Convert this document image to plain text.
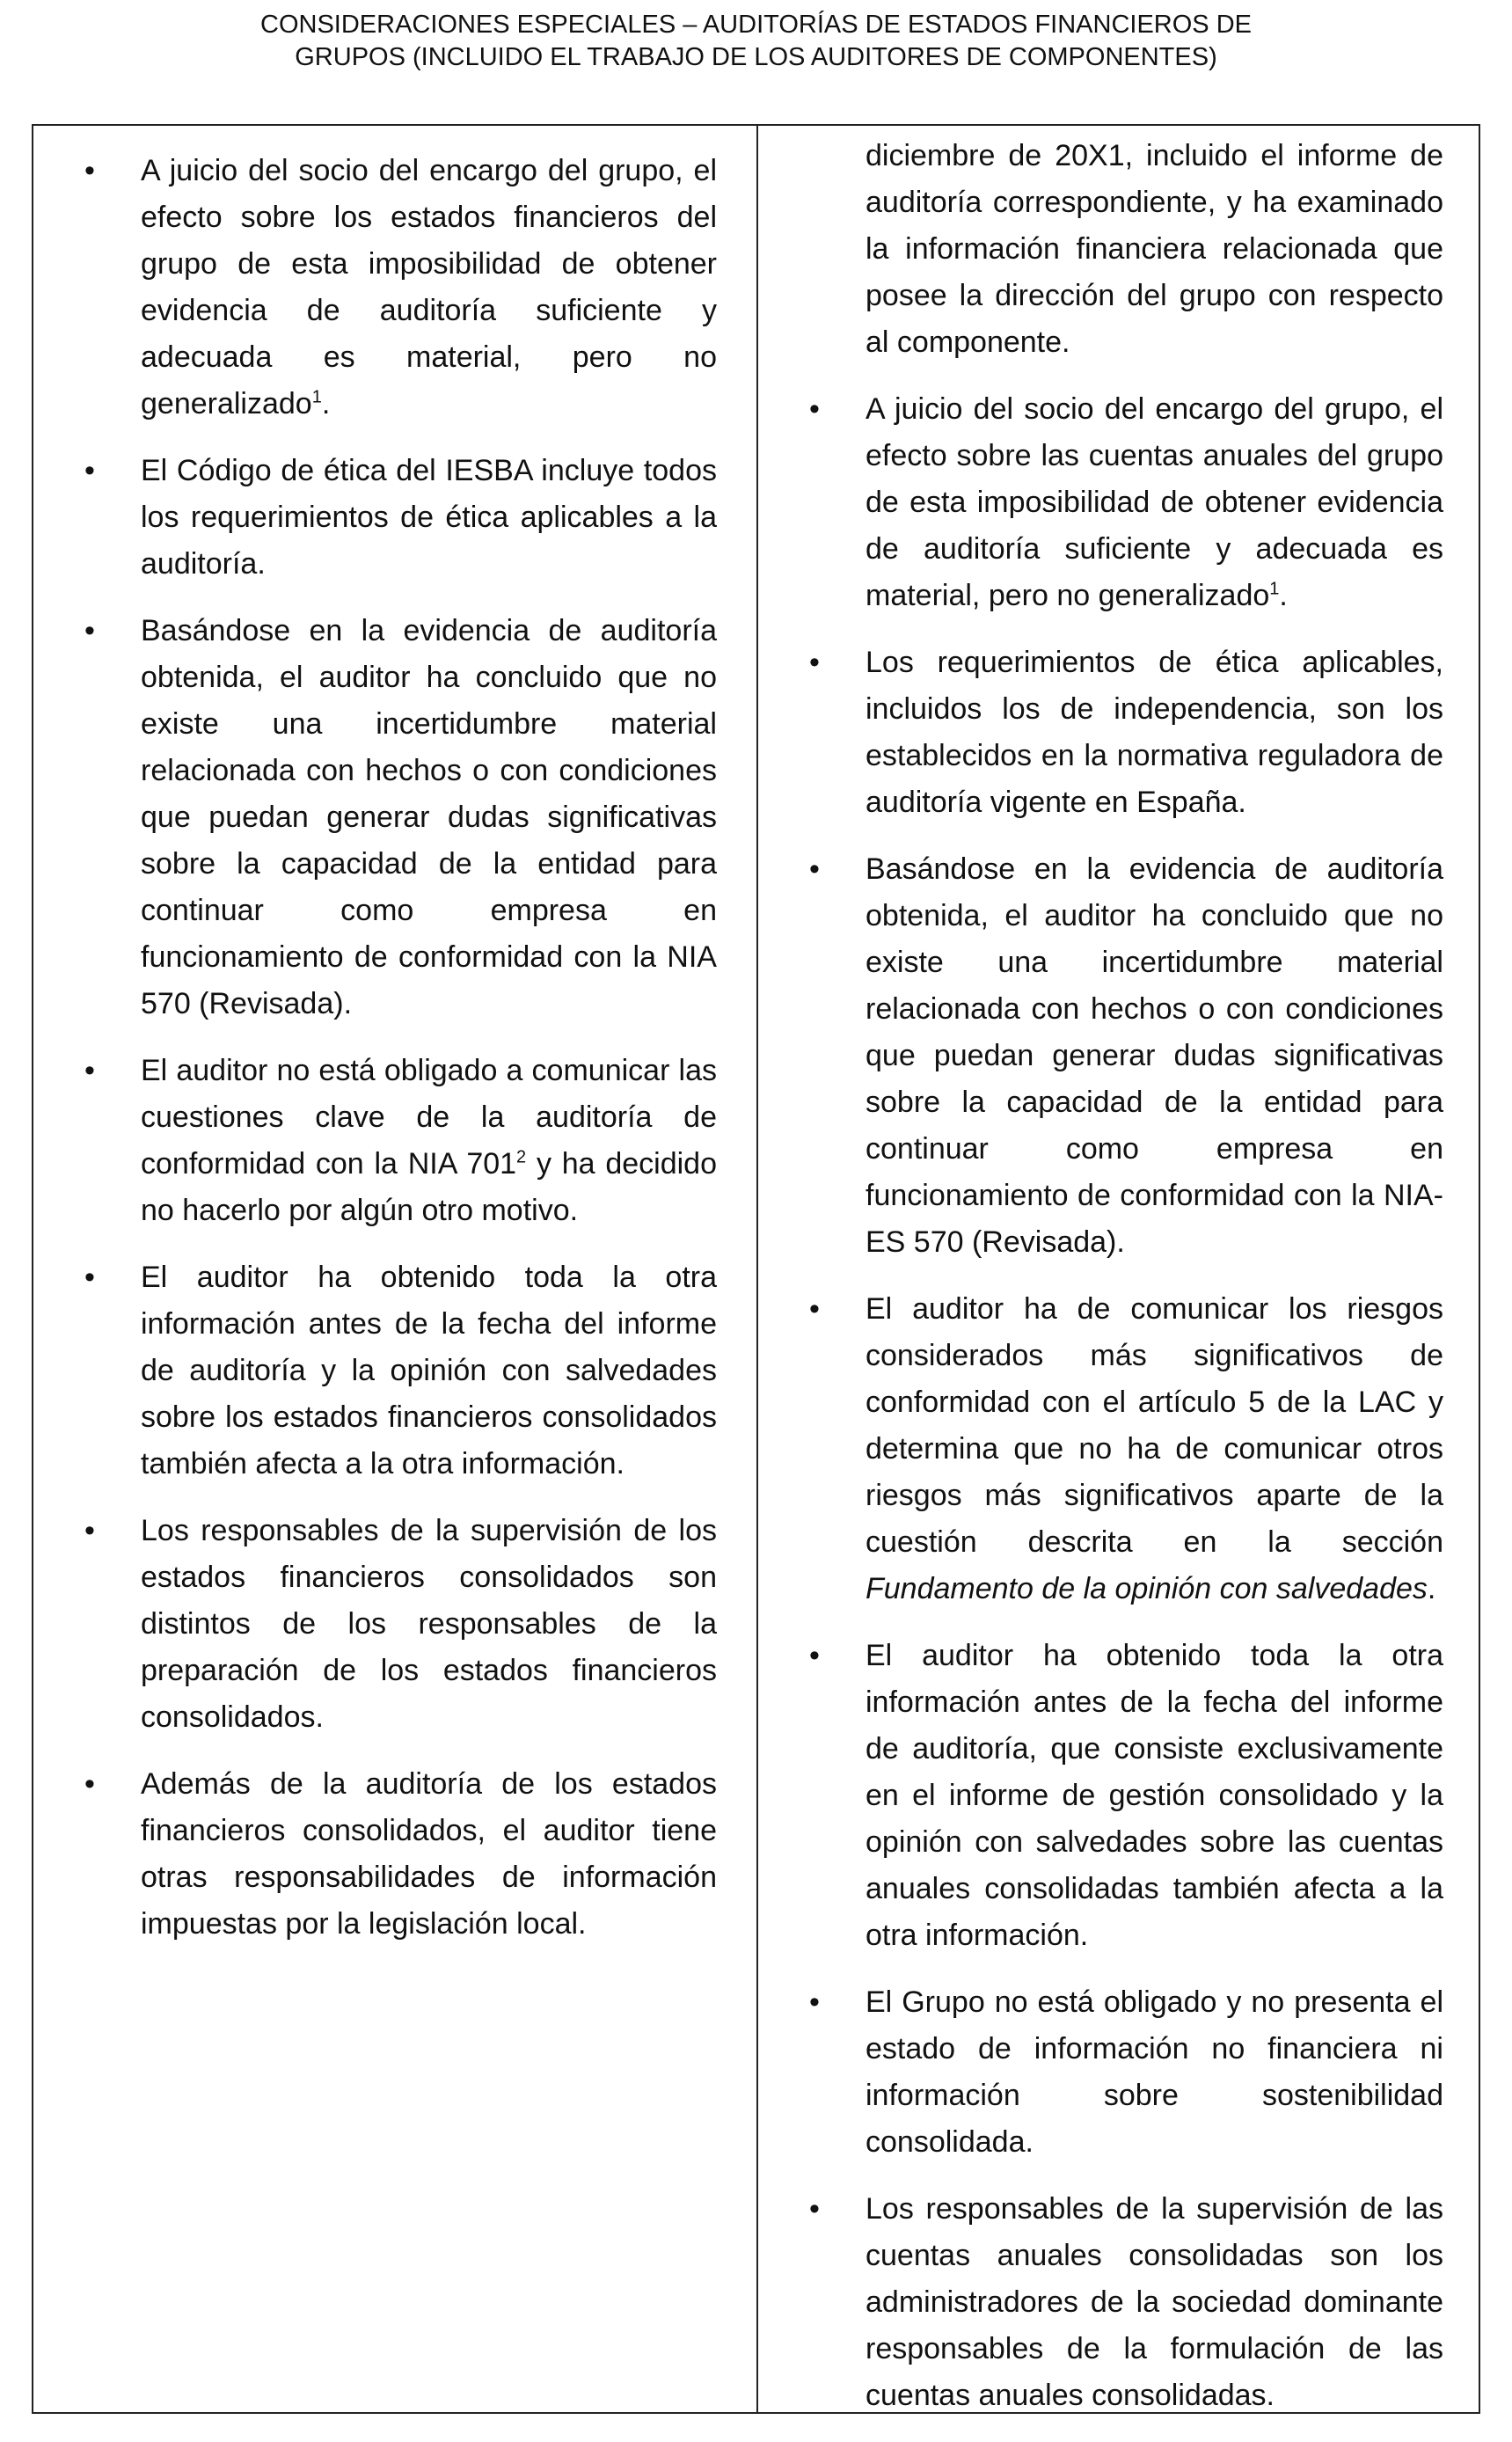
CONSIDERACIONES ESPECIALES – AUDITORÍAS DE ESTADOS FINANCIEROS DE
GRUPOS (INCLUIDO EL TRABAJO DE LOS AUDITORES DE COMPONENTES)
• A juicio del socio del encargo del grupo, el efecto sobre los estados financieros del grupo de esta imposibilidad de obtener evidencia de auditoría suficiente y adecuada es material, pero no generalizado$^1$.
• El Código de ética del IESBA incluye todos los requerimientos de ética aplicables a la auditoría.
• Basándose en la evidencia de auditoría obtenida, el auditor ha concluido que no existe una incertidumbre material relacionada con hechos o con condiciones que puedan generar dudas significativas sobre la capacidad de la entidad para continuar como empresa en funcionamiento de conformidad con la NIA 570 (Revisada).
• El auditor no está obligado a comunicar las cuestiones clave de la auditoría de conformidad con la NIA $701^2$ y ha decidido no hacerlo por algún otro motivo.
• El auditor ha obtenido toda la otra información antes de la fecha del informe de auditoría y la opinión con salvedades sobre los estados financieros consolidados también afecta a la otra información.
• Los responsables de la supervisión de los estados financieros consolidados son distintos de los responsables de la preparación de los estados financieros consolidados.
• Además de la auditoría de los estados financieros consolidados, el auditor tiene otras responsabilidades de información impuestas por la legislación local.
diciembre de 20X1, incluido el informe de auditoría correspondiente, y ha examinado la información financiera relacionada que posee la dirección del grupo con respecto al componente.
• A juicio del socio del encargo del grupo, el efecto sobre las cuentas anuales del grupo de esta imposibilidad de obtener evidencia de auditoría suficiente y adecuada es material, pero no generalizado$^1$.
• Los requerimientos de ética aplicables, incluidos los de independencia, son los establecidos en la normativa reguladora de auditoría vigente en España.
• Basándose en la evidencia de auditoría obtenida, el auditor ha concluido que no existe una incertidumbre material relacionada con hechos o con condiciones que puedan generar dudas significativas sobre la capacidad de la entidad para continuar como empresa en funcionamiento de conformidad con la NIA-ES 570 (Revisada).
• El auditor ha de comunicar los riesgos considerados más significativos de conformidad con el artículo 5 de la LAC y determina que no ha de comunicar otros riesgos más significativos aparte de la cuestión descrita en la sección Fundamento de la opinión con salvedades.
• El auditor ha obtenido toda la otra información antes de la fecha del informe de auditoría, que consiste exclusivamente en el informe de gestión consolidado y la opinión con salvedades sobre las cuentas anuales consolidadas también afecta a la otra información.
• El Grupo no está obligado y no presenta el estado de información no financiera ni información sobre sostenibilidad consolidada.
• Los responsables de la supervisión de las cuentas anuales consolidadas son los administradores de la sociedad dominante responsables de la formulación de las cuentas anuales consolidadas.
